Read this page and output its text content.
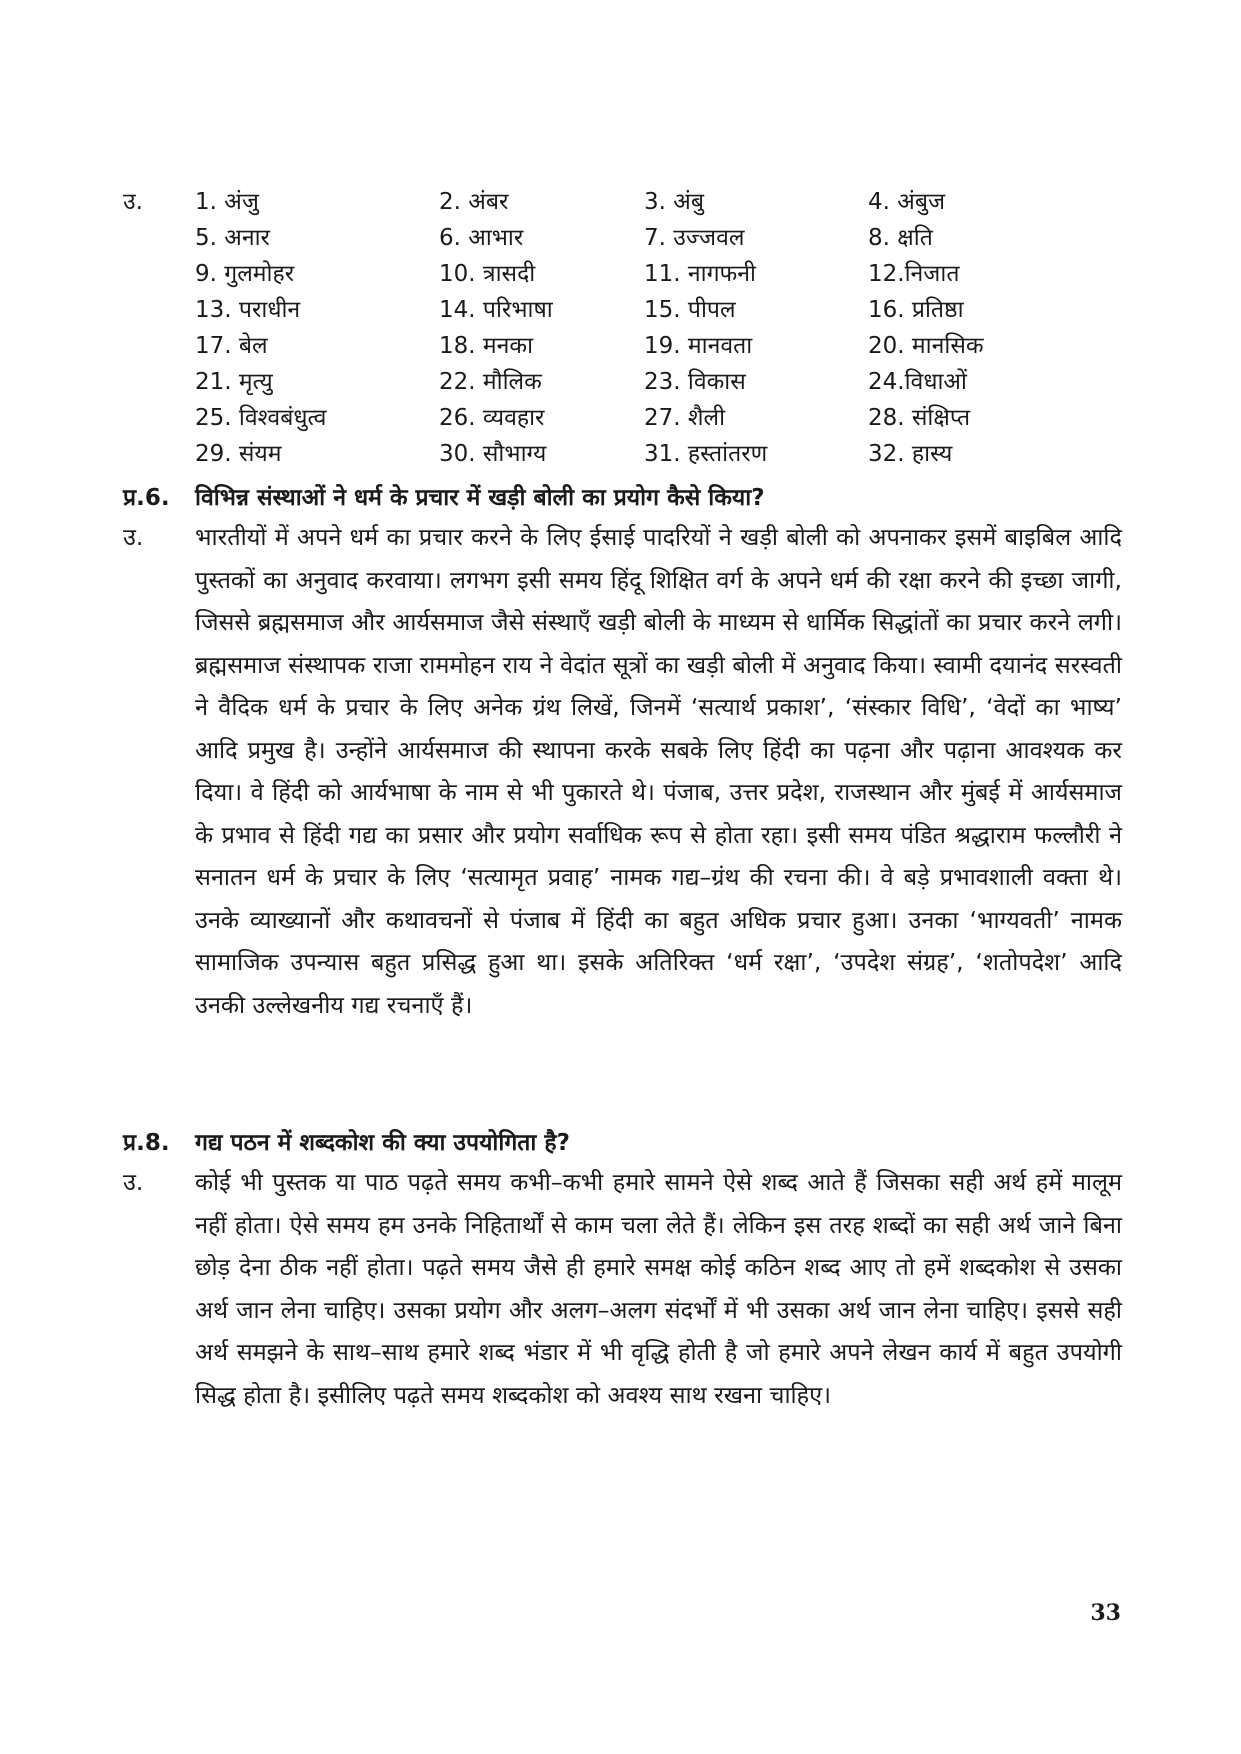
उ. 1. अंजु	2. अंबर	3. अंबु	4. अंबुज
5. अनार	6. आभार	7. उज्जवल	8. क्षति
9. गुलमोहर	10. त्रासदी	11. नागफनी	12.निजात
13. पराधीन	14. परिभाषा	15. पीपल	16. प्रतिष्ठा
17. बेल	18. मनका	19. मानवता	20. मानसिक
21. मृत्यु	22. मौलिक	23. विकास	24.विधाओं
25. विश्वबंधुत्व	26. व्यवहार	27. शैली	28. संक्षिप्त
29. संयम	30. सौभाग्य	31. हस्तांतरण	32. हास्य
प्र.6.	विभिन्न संस्थाओं ने धर्म के प्रचार में खड़ी बोली का प्रयोग कैसे किया?
उ.	भारतीयों में अपने धर्म का प्रचार करने के लिए ईसाई पादरियों ने खड़ी बोली को अपनाकर इसमें बाइबिल आदि पुस्तकों का अनुवाद करवाया। लगभग इसी समय हिंदू शिक्षित वर्ग के अपने धर्म की रक्षा करने की इच्छा जागी, जिससे ब्रह्मसमाज और आर्यसमाज जैसे संस्थाएँ खड़ी बोली के माध्यम से धार्मिक सिद्धांतों का प्रचार करने लगी। ब्रह्मसमाज संस्थापक राजा राममोहन राय ने वेदांत सूत्रों का खड़ी बोली में अनुवाद किया। स्वामी दयानंद सरस्वती ने वैदिक धर्म के प्रचार के लिए अनेक ग्रंथ लिखें, जिनमें ‘सत्यार्थ प्रकाश’, ‘संस्कार विधि’, ‘वेदों का भाष्य’ आदि प्रमुख है। उन्होंने आर्यसमाज की स्थापना करके सबके लिए हिंदी का पढ़ना और पढ़ाना आवश्यक कर दिया। वे हिंदी को आर्यभाषा के नाम से भी पुकारते थे। पंजाब, उत्तर प्रदेश, राजस्थान और मुंबई में आर्यसमाज के प्रभाव से हिंदी गद्य का प्रसार और प्रयोग सर्वाधिक रूप से होता रहा। इसी समय पंडित श्रद्धाराम फल्लौरी ने सनातन धर्म के प्रचार के लिए ‘सत्यामृत प्रवाह’ नामक गद्य–ग्रंथ की रचना की। वे बड़े प्रभावशाली वक्ता थे। उनके व्याख्यानों और कथावचनों से पंजाब में हिंदी का बहुत अधिक प्रचार हुआ। उनका ‘भाग्यवती’ नामक सामाजिक उपन्यास बहुत प्रसिद्ध हुआ था। इसके अतिरिक्त ‘धर्म रक्षा’, ‘उपदेश संग्रह’, ‘शतोपदेश’ आदि उनकी उल्लेखनीय गद्य रचनाएँ हैं।

प्र.8.	गद्य पठन में शब्दकोश की क्या उपयोगिता है?
उ.	कोई भी पुस्तक या पाठ पढ़ते समय कभी–कभी हमारे सामने ऐसे शब्द आते हैं जिसका सही अर्थ हमें मालूम नहीं होता। ऐसे समय हम उनके निहितार्थों से काम चला लेते हैं। लेकिन इस तरह शब्दों का सही अर्थ जाने बिना छोड़ देना ठीक नहीं होता। पढ़ते समय जैसे ही हमारे समक्ष कोई कठिन शब्द आए तो हमें शब्दकोश से उसका अर्थ जान लेना चाहिए। उसका प्रयोग और अलग–अलग संदर्भों में भी उसका अर्थ जान लेना चाहिए। इससे सही अर्थ समझने के साथ–साथ हमारे शब्द भंडार में भी वृद्धि होती है जो हमारे अपने लेखन कार्य में बहुत उपयोगी सिद्ध होता है। इसीलिए पढ़ते समय शब्दकोश को अवश्य साथ रखना चाहिए।

33
